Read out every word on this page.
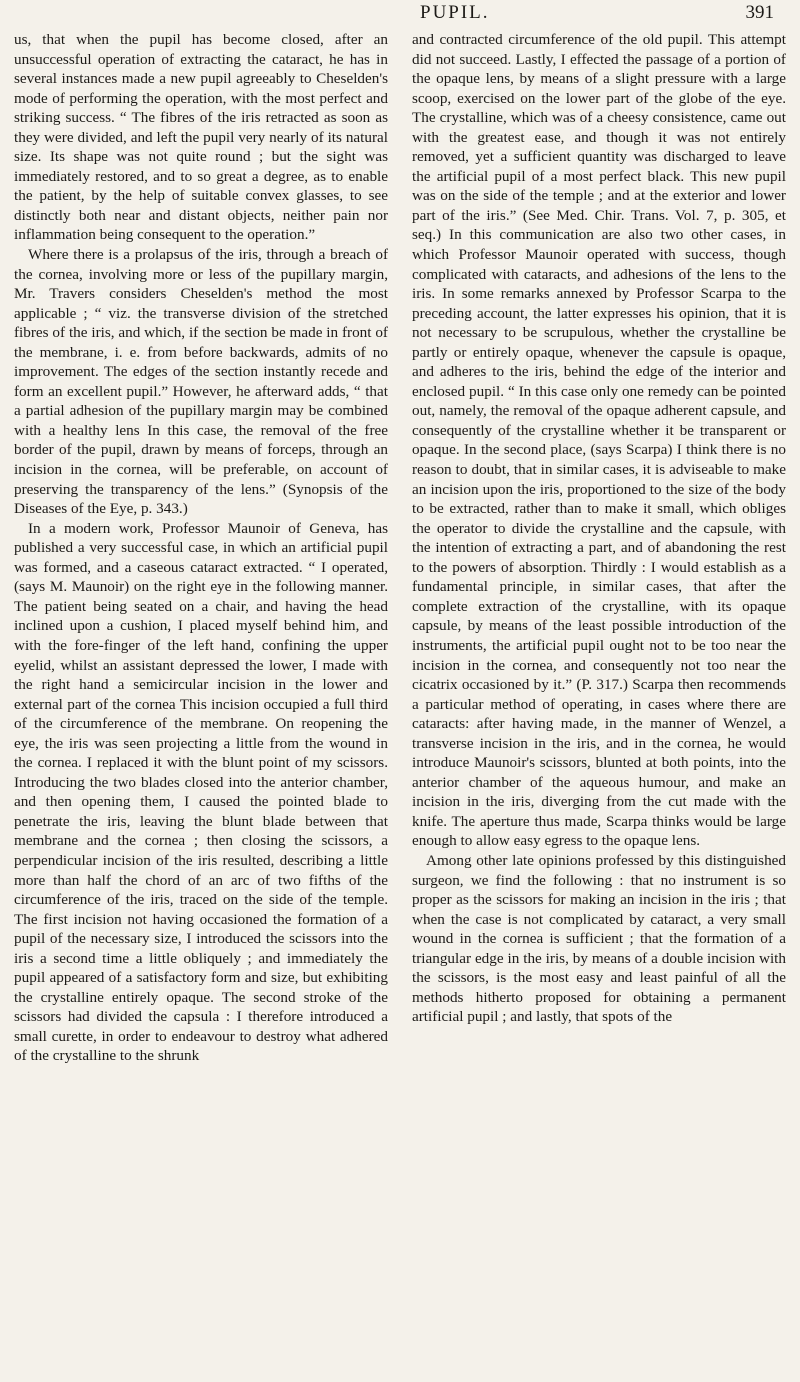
PUPIL.	391

us, that when the pupil has become closed, after an unsuccessful operation of extracting the cataract, he has in several instances made a new pupil agreeably to Cheselden's mode of performing the operation, with the most perfect and striking success. “ The fibres of the iris retracted as soon as they were divided, and left the pupil very nearly of its natural size. Its shape was not quite round ; but the sight was immediately restored, and to so great a degree, as to enable the patient, by the help of suitable convex glasses, to see distinctly both near and distant objects, neither pain nor inflammation being consequent to the operation.”

Where there is a prolapsus of the iris, through a breach of the cornea, involving more or less of the pupillary margin, Mr. Travers considers Cheselden's method the most applicable ; “ viz. the transverse division of the stretched fibres of the iris, and which, if the section be made in front of the membrane, i. e. from before backwards, admits of no improvement. The edges of the section instantly recede and form an excellent pupil.” However, he afterward adds, “ that a partial adhesion of the pupillary margin may be combined with a healthy lens In this case, the removal of the free border of the pupil, drawn by means of forceps, through an incision in the cornea, will be preferable, on account of preserving the transparency of the lens.” (Synopsis of the Diseases of the Eye, p. 343.)

In a modern work, Professor Maunoir of Geneva, has published a very successful case, in which an artificial pupil was formed, and a caseous cataract extracted. “ I operated, (says M. Maunoir) on the right eye in the following manner. The patient being seated on a chair, and having the head inclined upon a cushion, I placed myself behind him, and with the fore-finger of the left hand, confining the upper eyelid, whilst an assistant depressed the lower, I made with the right hand a semicircular incision in the lower and external part of the cornea This incision occupied a full third of the circumference of the membrane. On reopening the eye, the iris was seen projecting a little from the wound in the cornea. I replaced it with the blunt point of my scissors. Introducing the two blades closed into the anterior chamber, and then opening them, I caused the pointed blade to penetrate the iris, leaving the blunt blade between that membrane and the cornea ; then closing the scissors, a perpendicular incision of the iris resulted, describing a little more than half the chord of an arc of two fifths of the circumference of the iris, traced on the side of the temple. The first incision not having occasioned the formation of a pupil of the necessary size, I introduced the scissors into the iris a second time a little obliquely ; and immediately the pupil appeared of a satisfactory form and size, but exhibiting the crystalline entirely opaque. The second stroke of the scissors had divided the capsula : I therefore introduced a small curette, in order to endeavour to destroy what adhered of the crystalline to the shrunk

and contracted circumference of the old pupil. This attempt did not succeed. Lastly, I effected the passage of a portion of the opaque lens, by means of a slight pressure with a large scoop, exercised on the lower part of the globe of the eye. The crystalline, which was of a cheesy consistence, came out with the greatest ease, and though it was not entirely removed, yet a sufficient quantity was discharged to leave the artificial pupil of a most perfect black. This new pupil was on the side of the temple ; and at the exterior and lower part of the iris.” (See Med. Chir. Trans. Vol. 7, p. 305, et seq.) In this communication are also two other cases, in which Professor Maunoir operated with success, though complicated with cataracts, and adhesions of the lens to the iris. In some remarks annexed by Professor Scarpa to the preceding account, the latter expresses his opinion, that it is not necessary to be scrupulous, whether the crystalline be partly or entirely opaque, whenever the capsule is opaque, and adheres to the iris, behind the edge of the interior and enclosed pupil. “ In this case only one remedy can be pointed out, namely, the removal of the opaque adherent capsule, and consequently of the crystalline whether it be transparent or opaque. In the second place, (says Scarpa) I think there is no reason to doubt, that in similar cases, it is adviseable to make an incision upon the iris, proportioned to the size of the body to be extracted, rather than to make it small, which obliges the operator to divide the crystalline and the capsule, with the intention of extracting a part, and of abandoning the rest to the powers of absorption. Thirdly : I would establish as a fundamental principle, in similar cases, that after the complete extraction of the crystalline, with its opaque capsule, by means of the least possible introduction of the instruments, the artificial pupil ought not to be too near the incision in the cornea, and consequently not too near the cicatrix occasioned by it.” (P. 317.) Scarpa then recommends a particular method of operating, in cases where there are cataracts: after having made, in the manner of Wenzel, a transverse incision in the iris, and in the cornea, he would introduce Maunoir's scissors, blunted at both points, into the anterior chamber of the aqueous humour, and make an incision in the iris, diverging from the cut made with the knife. The aperture thus made, Scarpa thinks would be large enough to allow easy egress to the opaque lens.

Among other late opinions professed by this distinguished surgeon, we find the following : that no instrument is so proper as the scissors for making an incision in the iris ; that when the case is not complicated by cataract, a very small wound in the cornea is sufficient ; that the formation of a triangular edge in the iris, by means of a double incision with the scissors, is the most easy and least painful of all the methods hitherto proposed for obtaining a permanent artificial pupil ; and lastly, that spots of the
